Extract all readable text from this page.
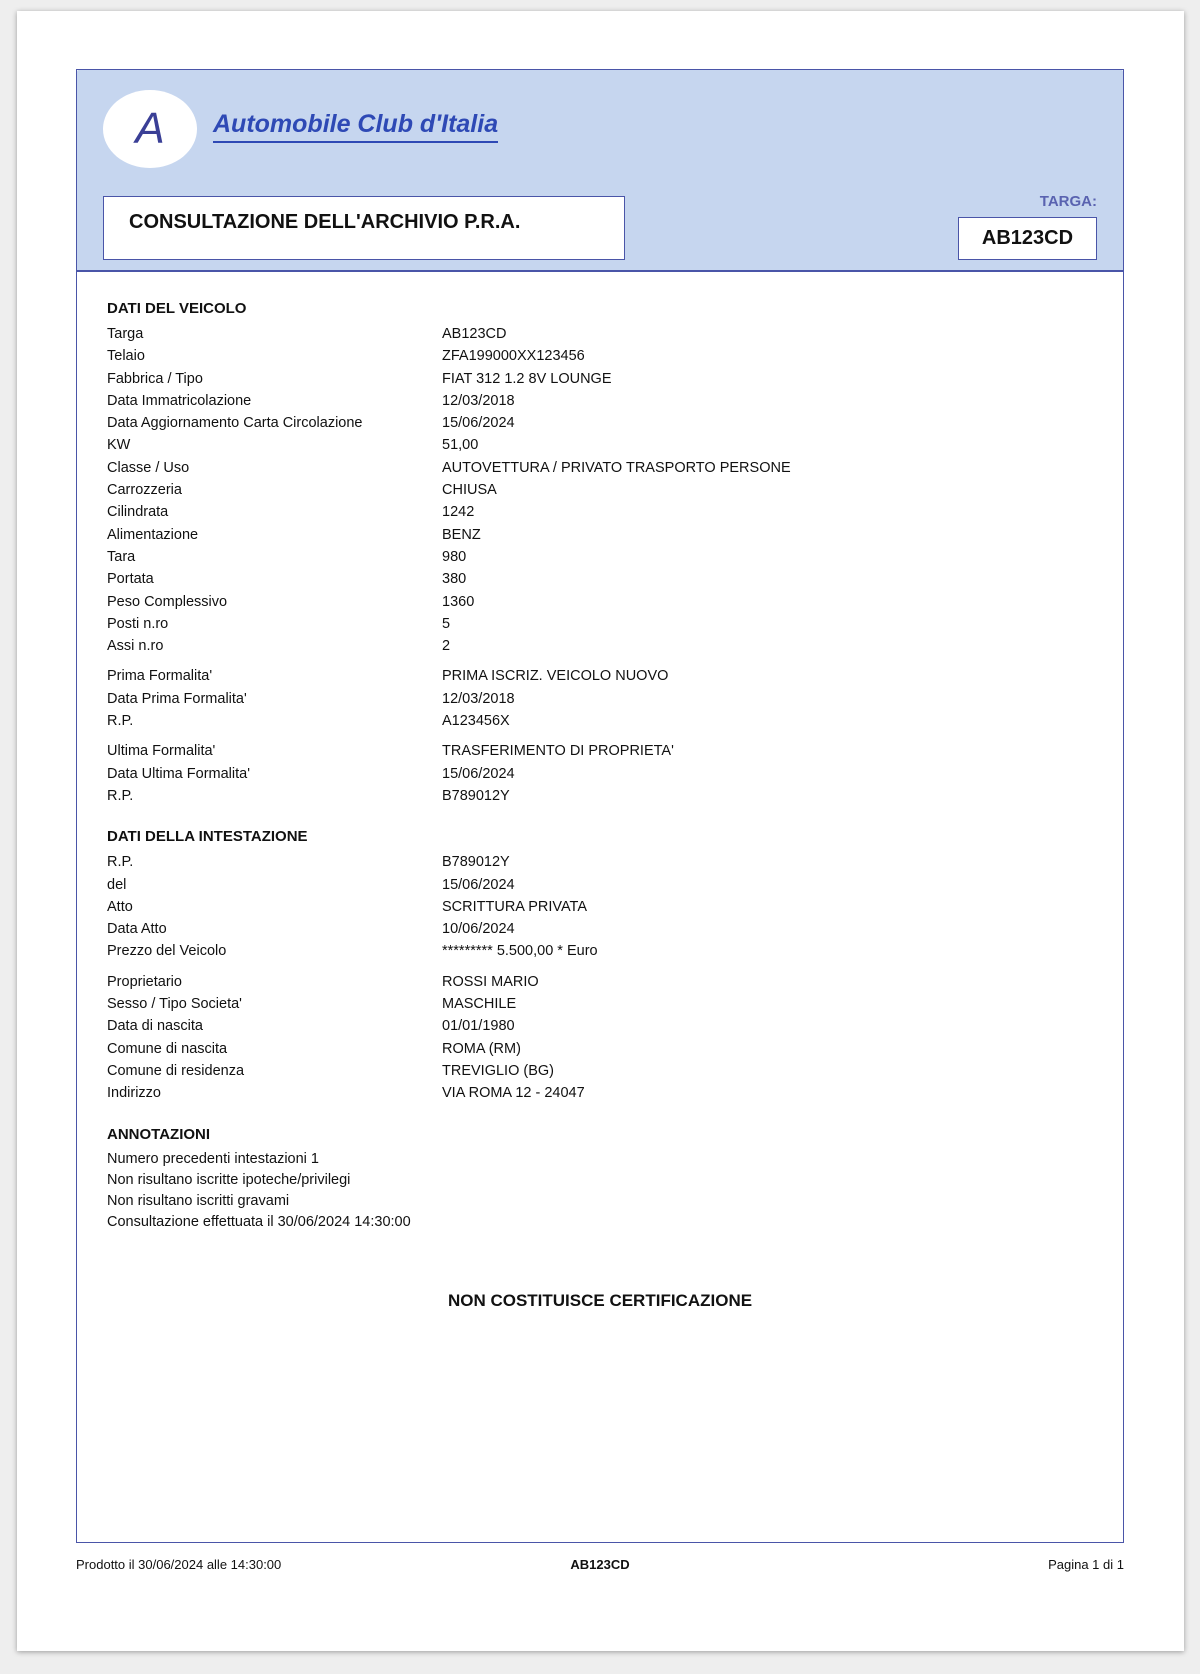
A Automobile Club d'Italia
CONSULTAZIONE DELL'ARCHIVIO P.R.A.
TARGA:
AB123CD
DATI DEL VEICOLO
Targa	AB123CD
Telaio	ZFA199000XX123456
Fabbrica / Tipo	FIAT 312 1.2 8V LOUNGE
Data Immatricolazione	12/03/2018
Data Aggiornamento Carta Circolazione	15/06/2024
KW	51,00
Classe / Uso	AUTOVETTURA / PRIVATO TRASPORTO PERSONE
Carrozzeria	CHIUSA
Cilindrata	1242
Alimentazione	BENZ
Tara	980
Portata	380
Peso Complessivo	1360
Posti n.ro	5
Assi n.ro	2
Prima Formalita'	PRIMA ISCRIZ. VEICOLO NUOVO
Data Prima Formalita'	12/03/2018
R.P.	A123456X
Ultima Formalita'	TRASFERIMENTO DI PROPRIETA'
Data Ultima Formalita'	15/06/2024
R.P.	B789012Y
DATI DELLA INTESTAZIONE
R.P.	B789012Y
del	15/06/2024
Atto	SCRITTURA PRIVATA
Data Atto	10/06/2024
Prezzo del Veicolo	********* 5.500,00 * Euro
Proprietario	ROSSI MARIO
Sesso / Tipo Societa'	MASCHILE
Data di nascita	01/01/1980
Comune di nascita	ROMA (RM)
Comune di residenza	TREVIGLIO (BG)
Indirizzo	VIA ROMA 12 - 24047
ANNOTAZIONI
Numero precedenti intestazioni 1
Non risultano iscritte ipoteche/privilegi
Non risultano iscritti gravami
Consultazione effettuata il 30/06/2024 14:30:00
NON COSTITUISCE CERTIFICAZIONE
Prodotto il 30/06/2024 alle 14:30:00	AB123CD	Pagina 1 di 1
